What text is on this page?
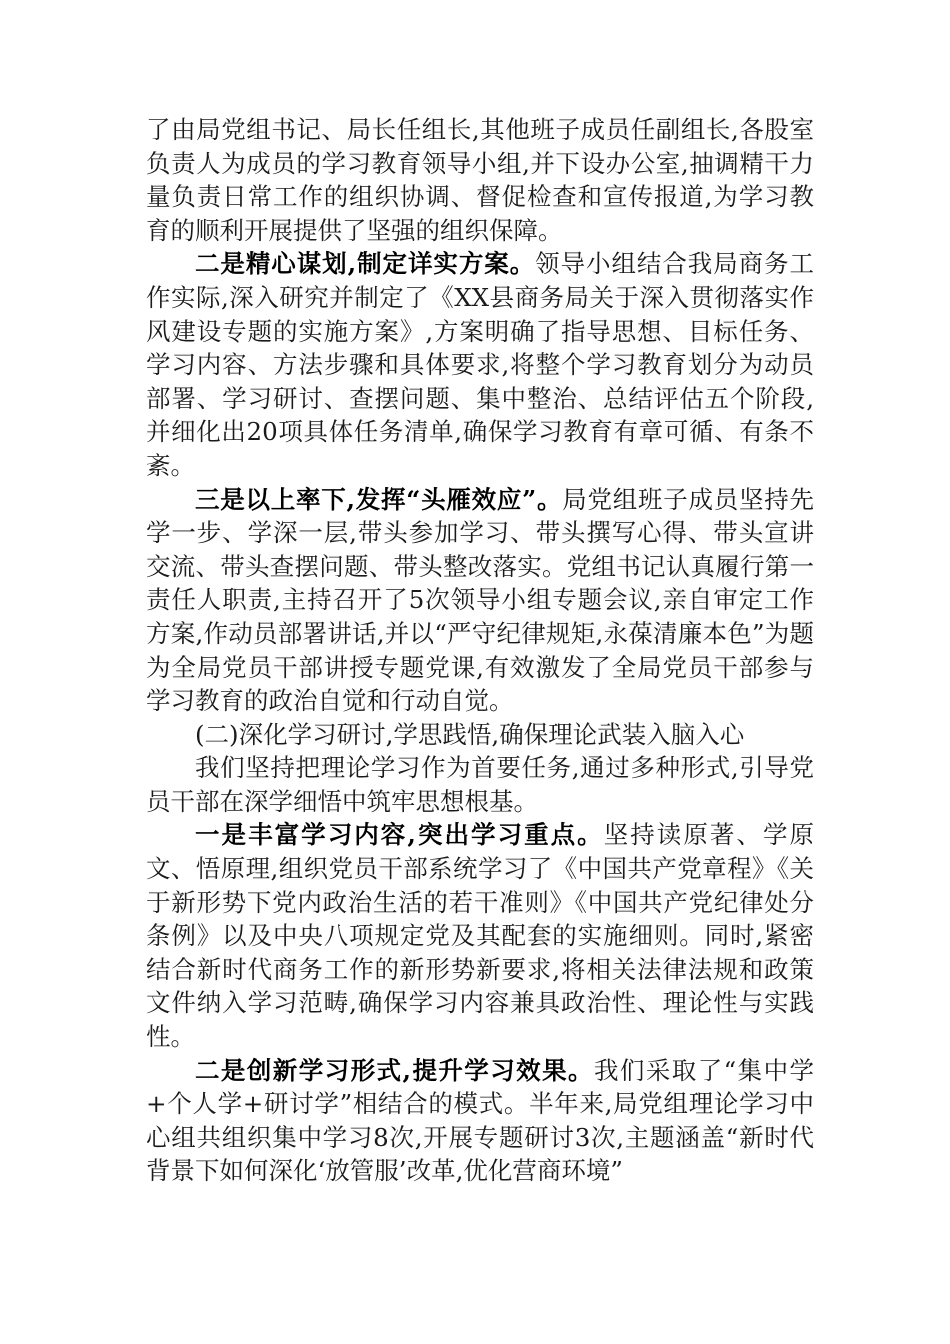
了由局党组书记、局长任组长,其他班子成员任副组长,各股室负责人为成员的学习教育领导小组,并下设办公室,抽调精干力量负责日常工作的组织协调、督促检查和宣传报道,为学习教育的顺利开展提供了坚强的组织保障。

二是精心谋划,制定详实方案。领导小组结合我局商务工作实际,深入研究并制定了《XX县商务局关于深入贯彻落实作风建设专题的实施方案》,方案明确了指导思想、目标任务、学习内容、方法步骤和具体要求,将整个学习教育划分为动员部署、学习研讨、查摆问题、集中整治、总结评估五个阶段,并细化出20项具体任务清单,确保学习教育有章可循、有条不紊。

三是以上率下,发挥“头雁效应”。局党组班子成员坚持先学一步、学深一层,带头参加学习、带头撰写心得、带头宣讲交流、带头查摆问题、带头整改落实。党组书记认真履行第一责任人职责,主持召开了5次领导小组专题会议,亲自审定工作方案,作动员部署讲话,并以“严守纪律规矩,永葆清廉本色”为题为全局党员干部讲授专题党课,有效激发了全局党员干部参与学习教育的政治自觉和行动自觉。

(二)深化学习研讨,学思践悟,确保理论武装入脑入心

我们坚持把理论学习作为首要任务,通过多种形式,引导党员干部在深学细悟中筑牢思想根基。

一是丰富学习内容,突出学习重点。坚持读原著、学原文、悟原理,组织党员干部系统学习了《中国共产党章程》《关于新形势下党内政治生活的若干准则》《中国共产党纪律处分条例》以及中央八项规定党及其配套的实施细则。同时,紧密结合新时代商务工作的新形势新要求,将相关法律法规和政策文件纳入学习范畴,确保学习内容兼具政治性、理论性与实践性。

二是创新学习形式,提升学习效果。我们采取了“集中学+个人学+研讨学”相结合的模式。半年来,局党组理论学习中心组共组织集中学习8次,开展专题研讨3次,主题涵盖“新时代背景下如何深化‘放管服’改革,优化营商环境”
